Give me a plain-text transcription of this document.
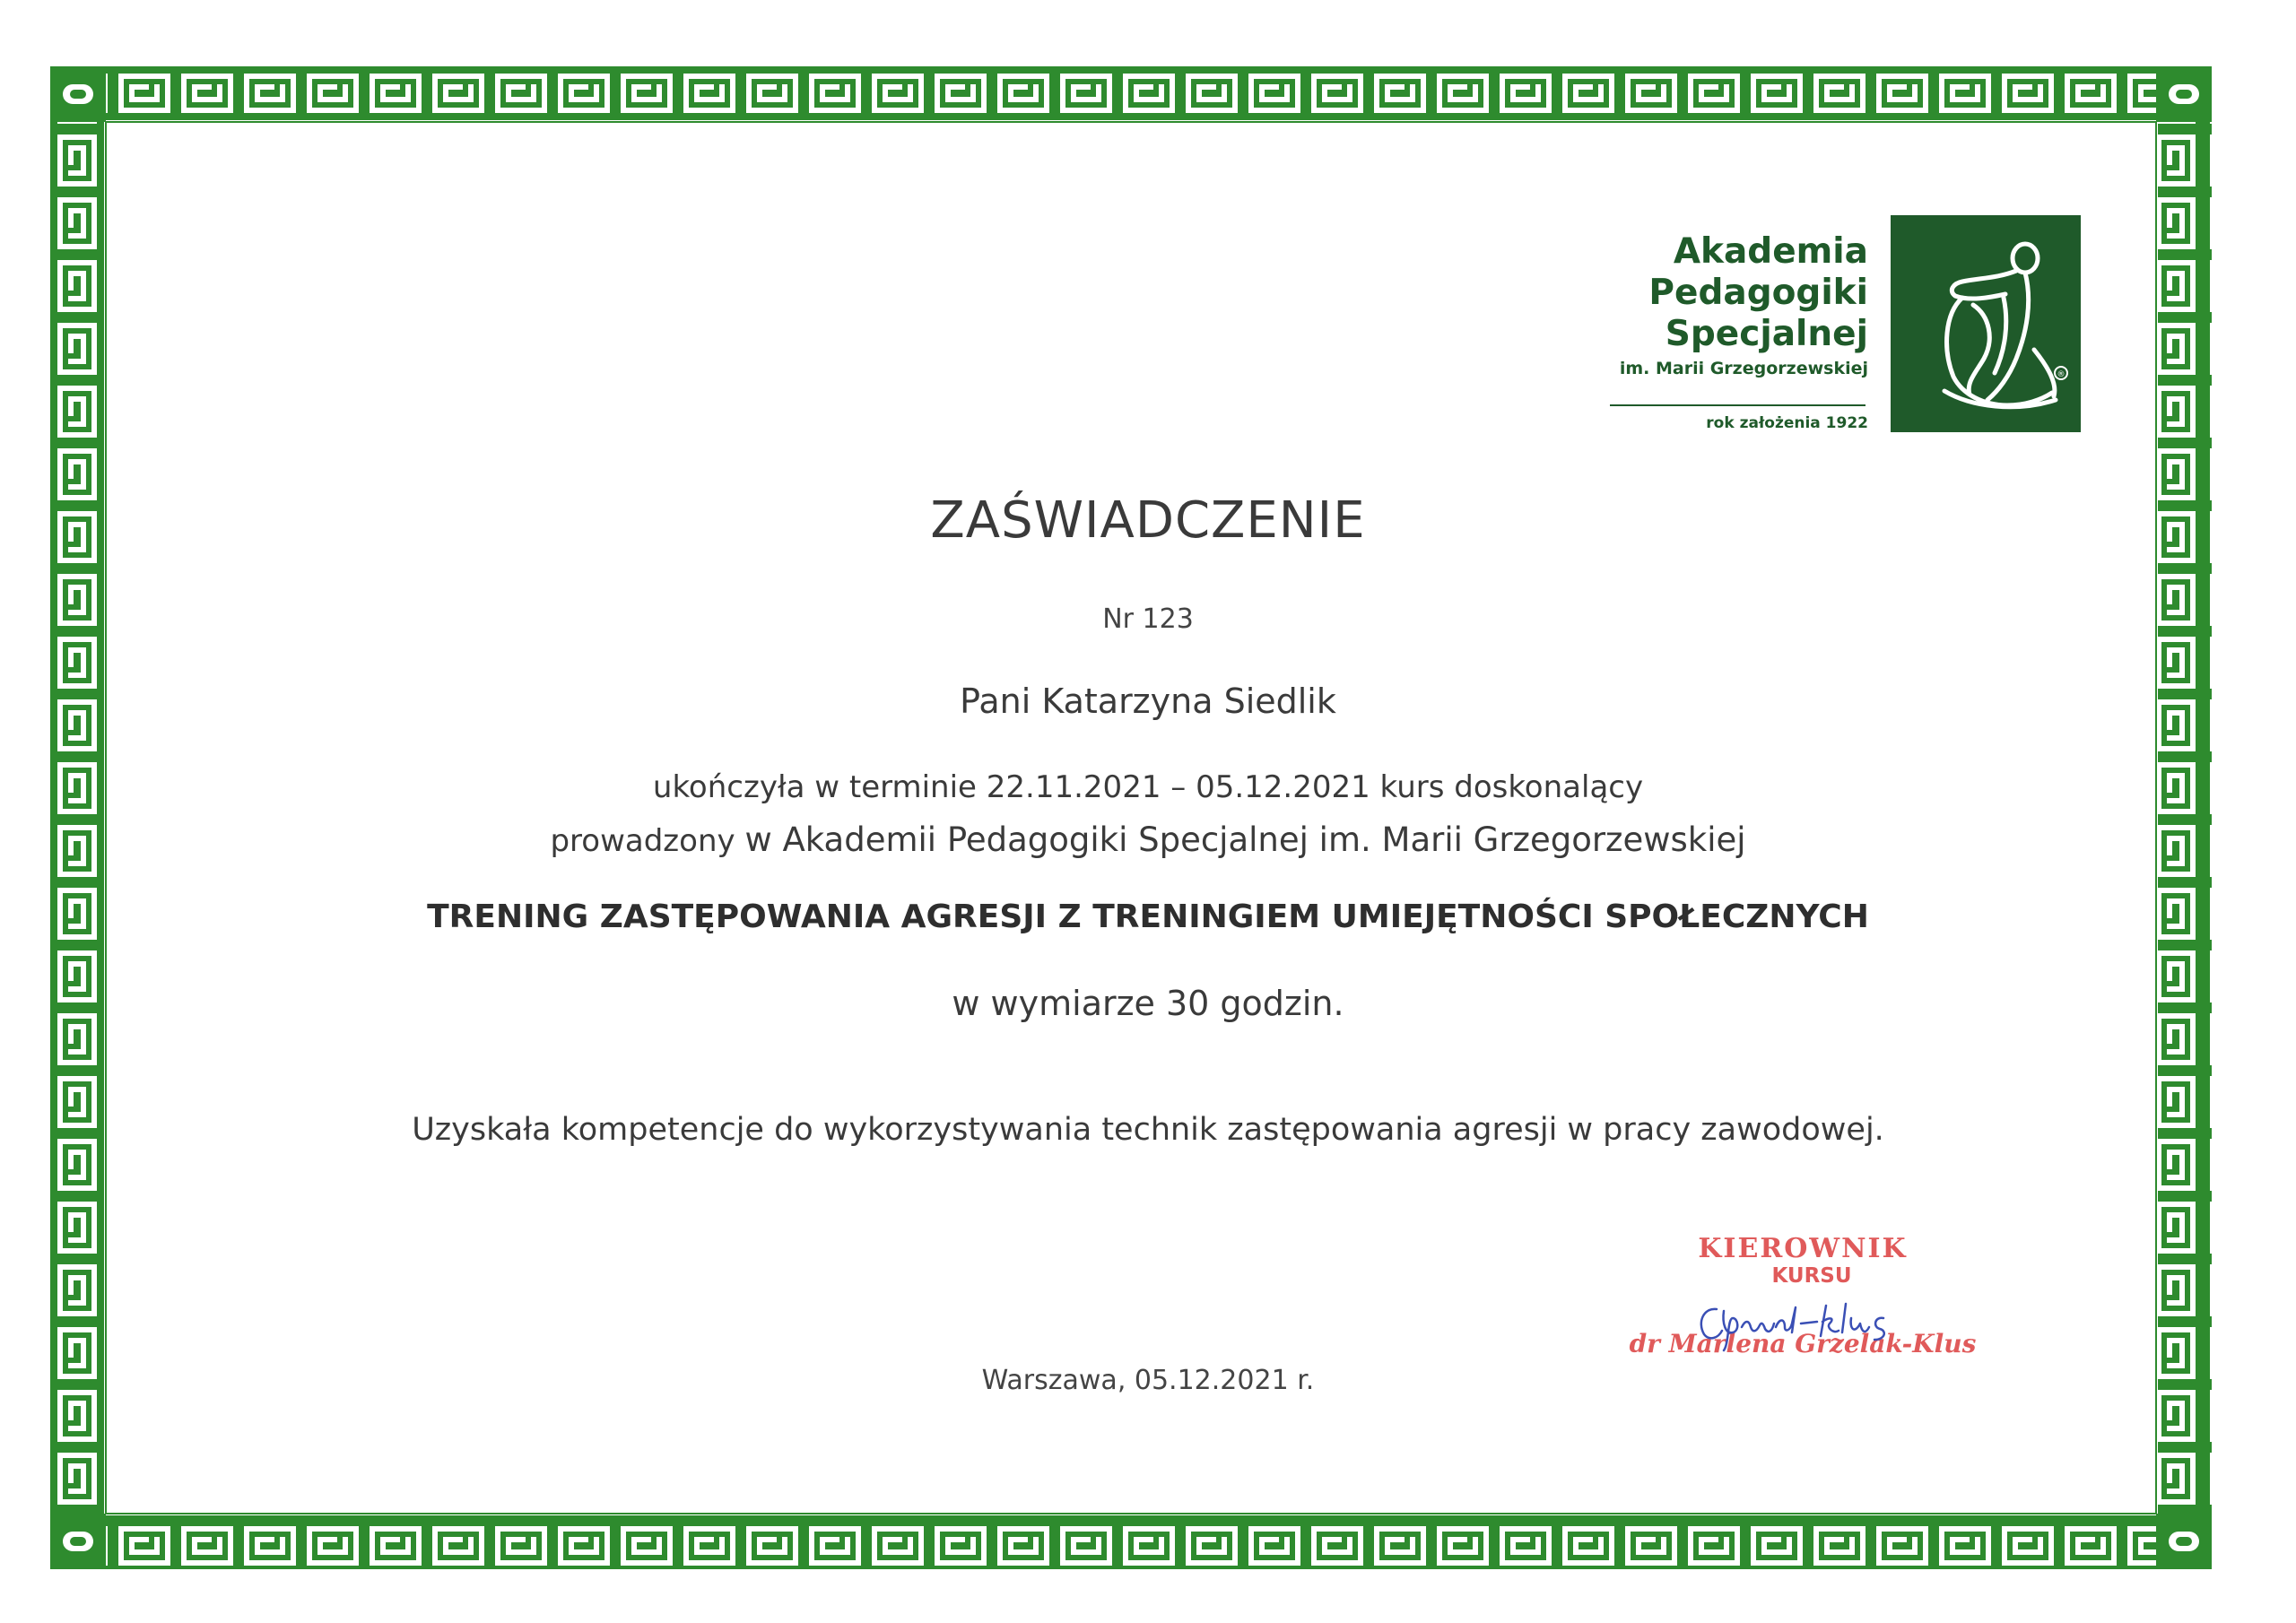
Akademia
Pedagogiki
Specjalnej
im. Marii Grzegorzewskiej
rok założenia 1922
®
ZAŚWIADCZENIE
Nr 123
Pani Katarzyna Siedlik
ukończyła w terminie 22.11.2021 – 05.12.2021 kurs doskonalący
prowadzony w Akademii Pedagogiki Specjalnej im. Marii Grzegorzewskiej
TRENING ZASTĘPOWANIA AGRESJI Z TRENINGIEM UMIEJĘTNOŚCI SPOŁECZNYCH
w wymiarze 30 godzin.
Uzyskała kompetencje do wykorzystywania technik zastępowania agresji w pracy zawodowej.
Warszawa, 05.12.2021 r.
KIEROWNIK
KURSU
dr Marlena Grzelak-Klus
